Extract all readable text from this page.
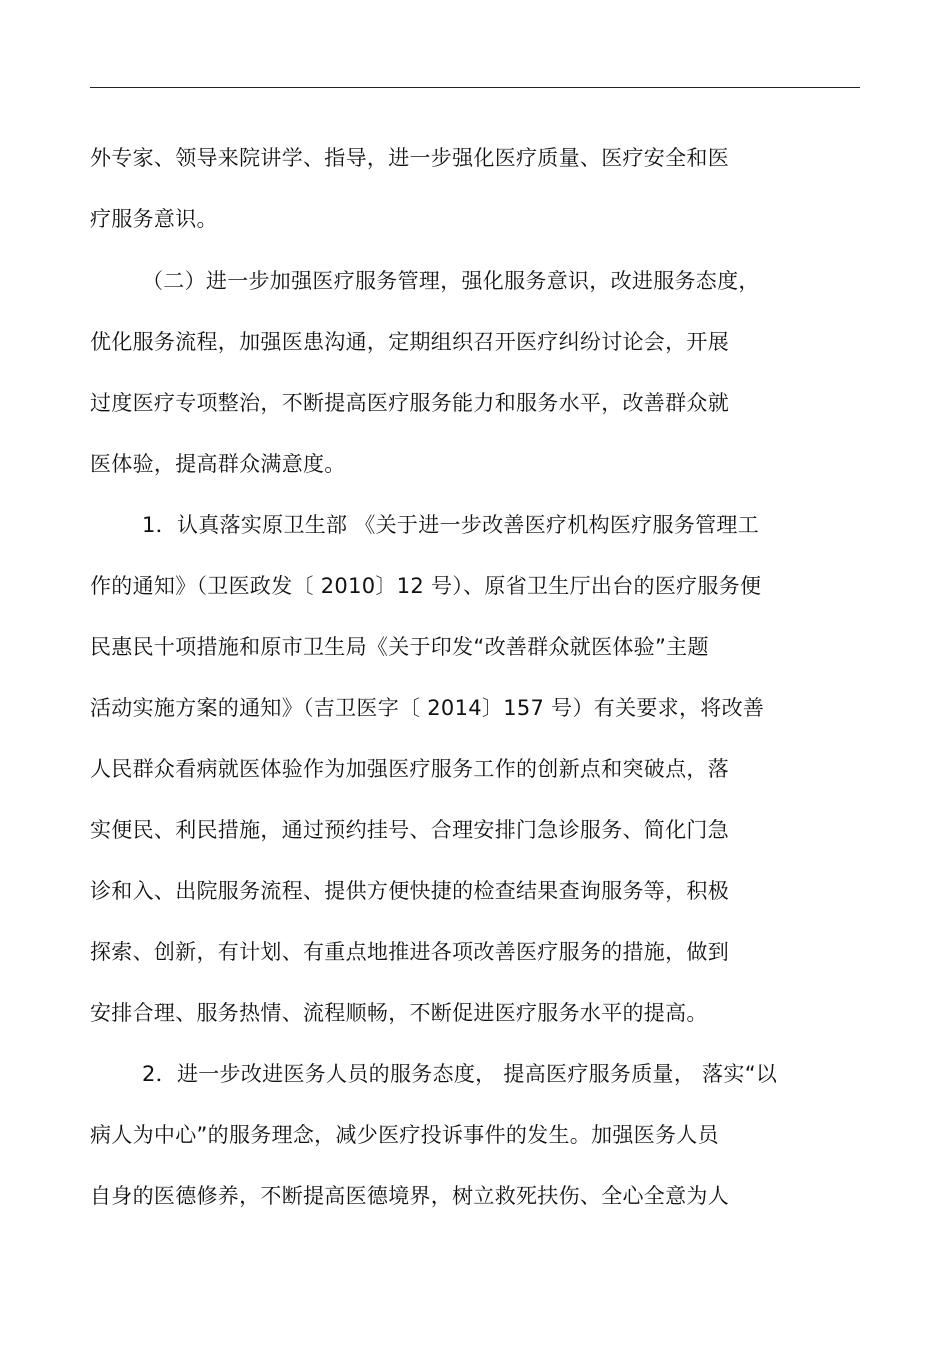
外专家、领导来院讲学、指导，进一步强化医疗质量、医疗安全和医
疗服务意识。
（二）进一步加强医疗服务管理，强化服务意识，改进服务态度，
优化服务流程，加强医患沟通，定期组织召开医疗纠纷讨论会，开展
过度医疗专项整治，不断提高医疗服务能力和服务水平，改善群众就
医体验，提高群众满意度。
1．认真落实原卫生部 《关于进一步改善医疗机构医疗服务管理工
作的通知》（卫医政发〔 2010〕12 号）、原省卫生厅出台的医疗服务便
民惠民十项措施和原市卫生局《关于印发“改善群众就医体验”主题
活动实施方案的通知》（吉卫医字〔 2014〕157 号）有关要求，将改善
人民群众看病就医体验作为加强医疗服务工作的创新点和突破点，落
实便民、利民措施，通过预约挂号、合理安排门急诊服务、简化门急
诊和入、出院服务流程、提供方便快捷的检查结果查询服务等，积极
探索、创新，有计划、有重点地推进各项改善医疗服务的措施，做到
安排合理、服务热情、流程顺畅，不断促进医疗服务水平的提高。
2．进一步改进医务人员的服务态度， 提高医疗服务质量， 落实“以
病人为中心”的服务理念，减少医疗投诉事件的发生。加强医务人员
自身的医德修养，不断提高医德境界，树立救死扶伤、全心全意为人
